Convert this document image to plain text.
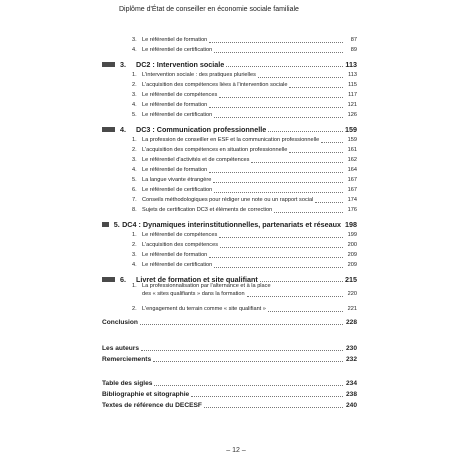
Diplôme d'État de conseiller en économie sociale familiale
3. Le référentiel de formation	87
4. Le référentiel de certification	89
3.	DC2 : Intervention sociale	113
1. L'intervention sociale : des pratiques plurielles	113
2. L'acquisition des compétences liées à l'intervention sociale	115
3. Le référentiel de compétences	117
4. Le référentiel de formation	121
5. Le référentiel de certification	126
4.	DC3 : Communication professionnelle	159
1. La profession de conseiller en ESF et la communication professionnelle	159
2. L'acquisition des compétences en situation professionnelle	161
3. Le référentiel d'activités et de compétences	162
4. Le référentiel de formation	164
5. La langue vivante étrangère	167
6. Le référentiel de certification	167
7. Conseils méthodologiques pour rédiger une note ou un rapport social	174
8. Sujets de certification DC3 et éléments de correction	176
5. DC4 : Dynamiques interinstitutionnelles, partenariats et réseaux 198
1. Le référentiel de compétences	199
2. L'acquisition des compétences	200
3. Le référentiel de formation	209
4. Le référentiel de certification	209
6.	Livret de formation et site qualifiant	215
1. La professionnalisation par l'alternance et à la place
des « sites qualifiants » dans la formation	220
2. L'engagement du terrain comme « site qualifiant »	221
Conclusion	228
Les auteurs	230
Remerciements	232
Table des sigles	234
Bibliographie et sitographie	238
Textes de référence du DECESF	240
– 12 –
